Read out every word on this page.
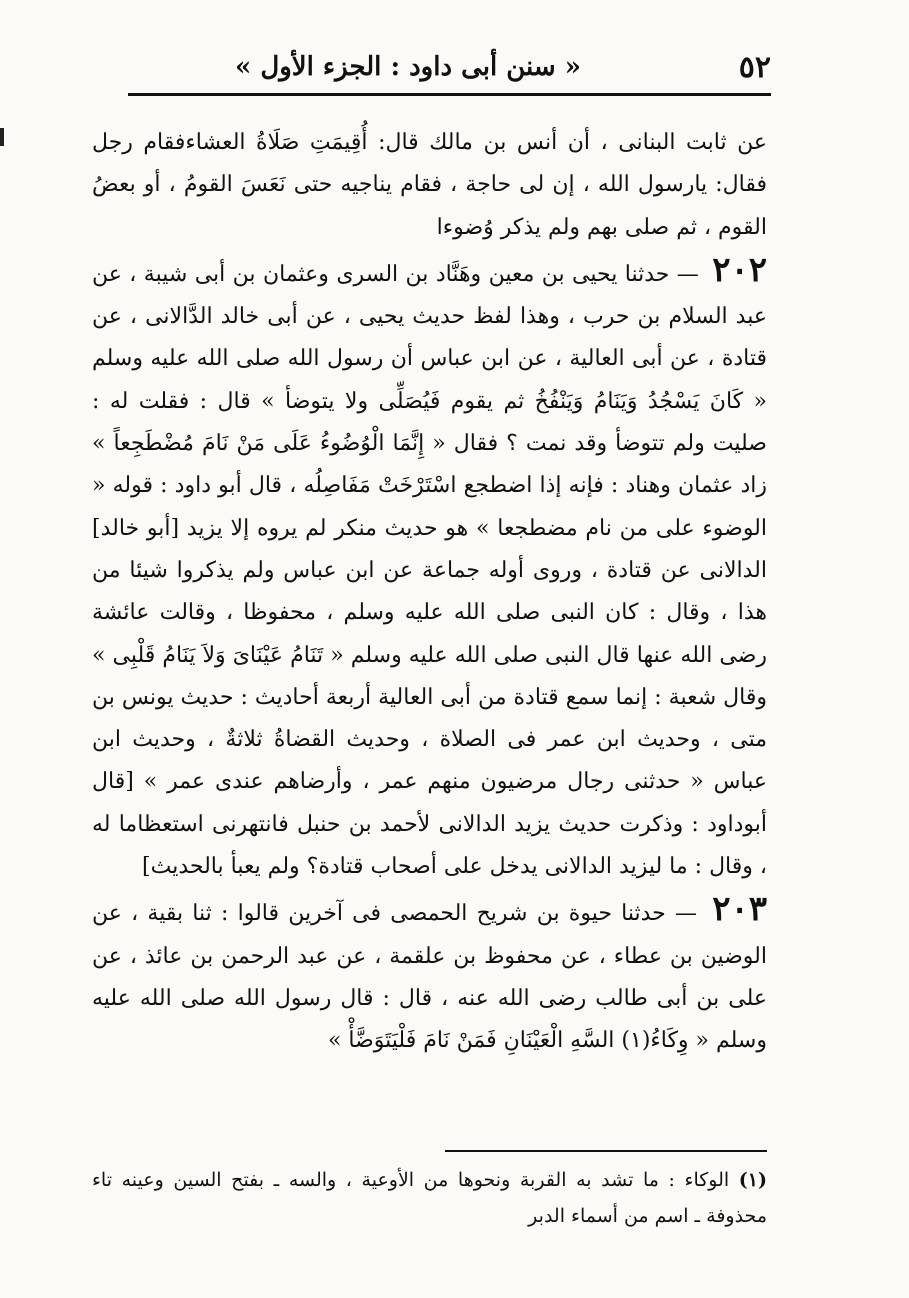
٥٢
« سنن أبى داود : الجزء الأول »

عن ثابت البنانى ، أن أنس بن مالك قال: أُقِيمَتِ صَلَاةُ العشاءفقام رجل فقال: يارسول الله ، إن لى حاجة ، فقام يناجيه حتى نَعَسَ القومُ ، أو بعضُ القوم ، ثم صلى بهم ولم يذكر وُضوءا

٢٠٢ — حدثنا يحيى بن معين وهَنَّاد بن السرى وعثمان بن أبى شيبة ، عن عبد السلام بن حرب ، وهذا لفظ حديث يحيى ، عن أبى خالد الدَّالانى ، عن قتادة ، عن أبى العالية ، عن ابن عباس أن رسول الله صلى الله عليه وسلم « كَانَ يَسْجُدُ وَيَنَامُ وَيَنْفُخُ ثم يقوم فَيُصَلِّى ولا يتوضأ » قال : فقلت له : صليت ولم تتوضأ وقد نمت ؟ فقال « إِنَّمَا الْوُضُوءُ عَلَى مَنْ نَامَ مُضْطَجِعاً » زاد عثمان وهناد : فإنه إذا اضطجع اسْتَرْخَتْ مَفَاصِلُه ، قال أبو داود : قوله « الوضوء على من نام مضطجعا » هو حديث منكر لم يروه إلا يزيد [أبو خالد] الدالانى عن قتادة ، وروى أوله جماعة عن ابن عباس ولم يذكروا شيئا من هذا ، وقال : كان النبى صلى الله عليه وسلم ، محفوظا ، وقالت عائشة رضى الله عنها قال النبى صلى الله عليه وسلم « تَنَامُ عَيْنَاىَ وَلاَ يَنَامُ قَلْبِى » وقال شعبة : إنما سمع قتادة من أبى العالية أربعة أحاديث : حديث يونس بن متى ، وحديث ابن عمر فى الصلاة ، وحديث القضاةُ ثلاثةٌ ، وحديث ابن عباس « حدثنى رجال مرضيون منهم عمر ، وأرضاهم عندى عمر » [قال أبوداود : وذكرت حديث يزيد الدالانى لأحمد بن حنبل فانتهرنى استعظاما له ، وقال : ما ليزيد الدالانى يدخل على أصحاب قتادة؟ ولم يعبأ بالحديث]

٢٠٣ — حدثنا حيوة بن شريح الحمصى فى آخرين قالوا : ثنا بقية ، عن الوضين بن عطاء ، عن محفوظ بن علقمة ، عن عبد الرحمن بن عائذ ، عن على بن أبى طالب رضى الله عنه ، قال : قال رسول الله صلى الله عليه وسلم « وِكَاءُ(١) السَّهِ الْعَيْنَانِ فَمَنْ نَامَ فَلْيَتَوَضَّأْ »

(١) الوكاء : ما تشد به القربة ونحوها من الأوعية ، والسه ـ بفتح السين وعينه تاء محذوفة ـ اسم من أسماء الدبر
